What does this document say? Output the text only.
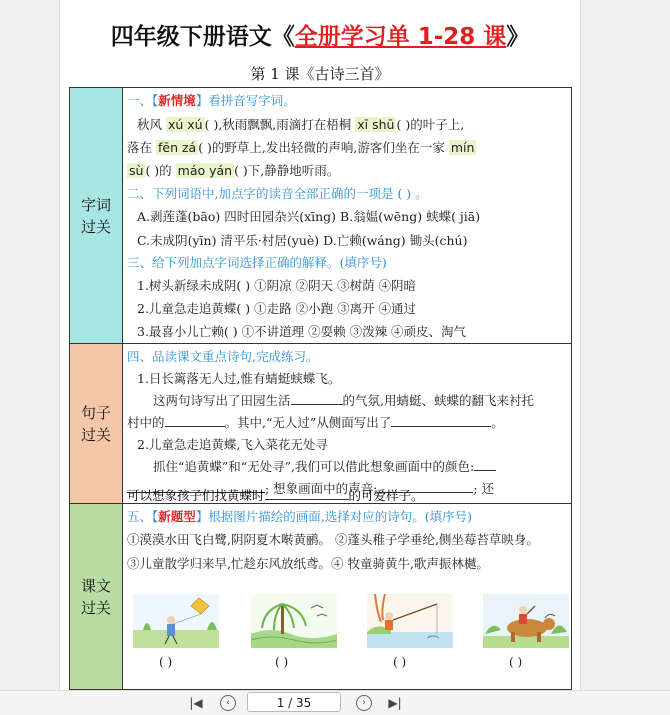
四年级下册语文《全册学习单 1-28 课》
第 1 课《古诗三首》
字词
过关
一、【新情境】看拼音写字词。
秋风 xú xú ( ),秋雨飘飘,雨滴打在梧桐 xī shū ( )的叶子上,
落在 fēn zá ( )的野草上,发出轻微的声响,游客们坐在一家 mín
sù ( )的 máo yán ( )下,静静地听雨。
二、下列词语中,加点字的读音全部正确的一项是 ( ) 。
A.剥莲蓬(bāo) 四时田园杂兴(xīng) B.翁媪(wēng) 蛱蝶( jiā)
C.未成阴(yīn) 清平乐·村居(yuè) D.亡赖(wáng) 锄头(chú)
三、给下列加点字词选择正确的解释。(填序号)
1.树头新绿未成阴( ) ①阴凉 ②阴天 ③树荫 ④阴暗
2.儿童急走追黄蝶( ) ①走路 ②小跑 ③离开 ④通过
3.最喜小儿亡赖( ) ①不讲道理 ②耍赖 ③泼辣 ④顽皮、淘气
句子
过关
四、品读课文重点诗句,完成练习。
1.日长篱落无人过,惟有蜻蜓蛱蝶飞。
这两句诗写出了田园生活	的气氛,用蜻蜓、蛱蝶的翻飞来衬托
村中的	。其中,“无人过”从侧面写出了	。
2.儿童急走追黄蝶,飞入菜花无处寻
抓住“追黄蝶”和“无处寻”,我们可以借此想象画面中的颜色:
; 想象画面中的声音:	; 还
可以想象孩子们找黄蝶时	的可爱样子。
课文
过关
五、【新题型】根据图片描绘的画面,选择对应的诗句。(填序号)
①漠漠水田飞白鹭,阴阴夏木啭黄鹂。 ②蓬头稚子学垂纶,侧坐莓苔草映身。
③儿童散学归来早,忙趁东风放纸鸢。④ 牧童骑黄牛,歌声振林樾。
( )	( )	( )	( )
|◀	‹	1 / 35	›	▶|
